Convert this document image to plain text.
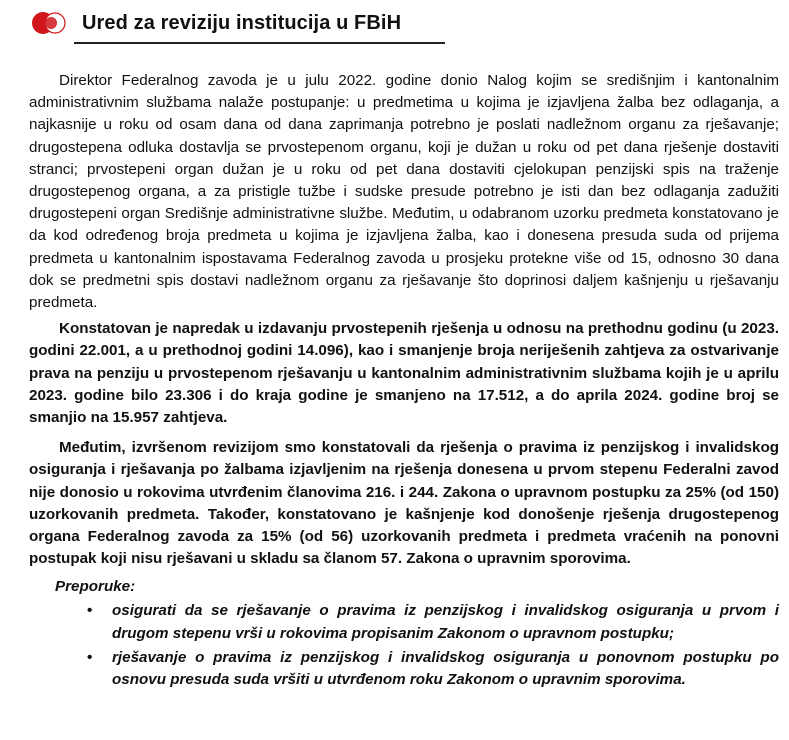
Ured za reviziju institucija u FBiH

Direktor Federalnog zavoda je u julu 2022. godine donio Nalog kojim se središnjim i kantonalnim administrativnim službama nalaže postupanje: u predmetima u kojima je izjavljena žalba bez odlaganja, a najkasnije u roku od osam dana od dana zaprimanja potrebno je poslati nadležnom organu za rješavanje; drugostepena odluka dostavlja se prvostepenom organu, koji je dužan u roku od pet dana rješenje dostaviti stranci; prvostepeni organ dužan je u roku od pet dana dostaviti cjelokupan penzijski spis na traženje drugostepenog organa, a za pristigle tužbe i sudske presude potrebno je isti dan bez odlaganja zadužiti drugostepeni organ Središnje administrativne službe. Međutim, u odabranom uzorku predmeta konstatovano je da kod određenog broja predmeta u kojima je izjavljena žalba, kao i donesena presuda suda od prijema predmeta u kantonalnim ispostavama Federalnog zavoda u prosjeku protekne više od 15, odnosno 30 dana dok se predmetni spis dostavi nadležnom organu za rješavanje što doprinosi daljem kašnjenju u rješavanju predmeta.

Konstatovan je napredak u izdavanju prvostepenih rješenja u odnosu na prethodnu godinu (u 2023. godini 22.001, a u prethodnoj godini 14.096), kao i smanjenje broja neriješenih zahtjeva za ostvarivanje prava na penziju u prvostepenom rješavanju u kantonalnim administrativnim službama kojih je u aprilu 2023. godine bilo 23.306 i do kraja godine je smanjeno na 17.512, a do aprila 2024. godine broj se smanjio na 15.957 zahtjeva.

Međutim, izvršenom revizijom smo konstatovali da rješenja o pravima iz penzijskog i invalidskog osiguranja i rješavanja po žalbama izjavljenim na rješenja donesena u prvom stepenu Federalni zavod nije donosio u rokovima utvrđenim članovima 216. i 244. Zakona o upravnom postupku za 25% (od 150) uzorkovanih predmeta. Također, konstatovano je kašnjenje kod donošenje rješenja drugostepenog organa Federalnog zavoda za 15% (od 56) uzorkovanih predmeta i predmeta vraćenih na ponovni postupak koji nisu rješavani u skladu sa članom 57. Zakona o upravnim sporovima.

Preporuke:
• osigurati da se rješavanje o pravima iz penzijskog i invalidskog osiguranja u prvom i drugom stepenu vrši u rokovima propisanim Zakonom o upravnom postupku;
• rješavanje o pravima iz penzijskog i invalidskog osiguranja u ponovnom postupku po osnovu presuda suda vršiti u utvrđenom roku Zakonom o upravnim sporovima.
